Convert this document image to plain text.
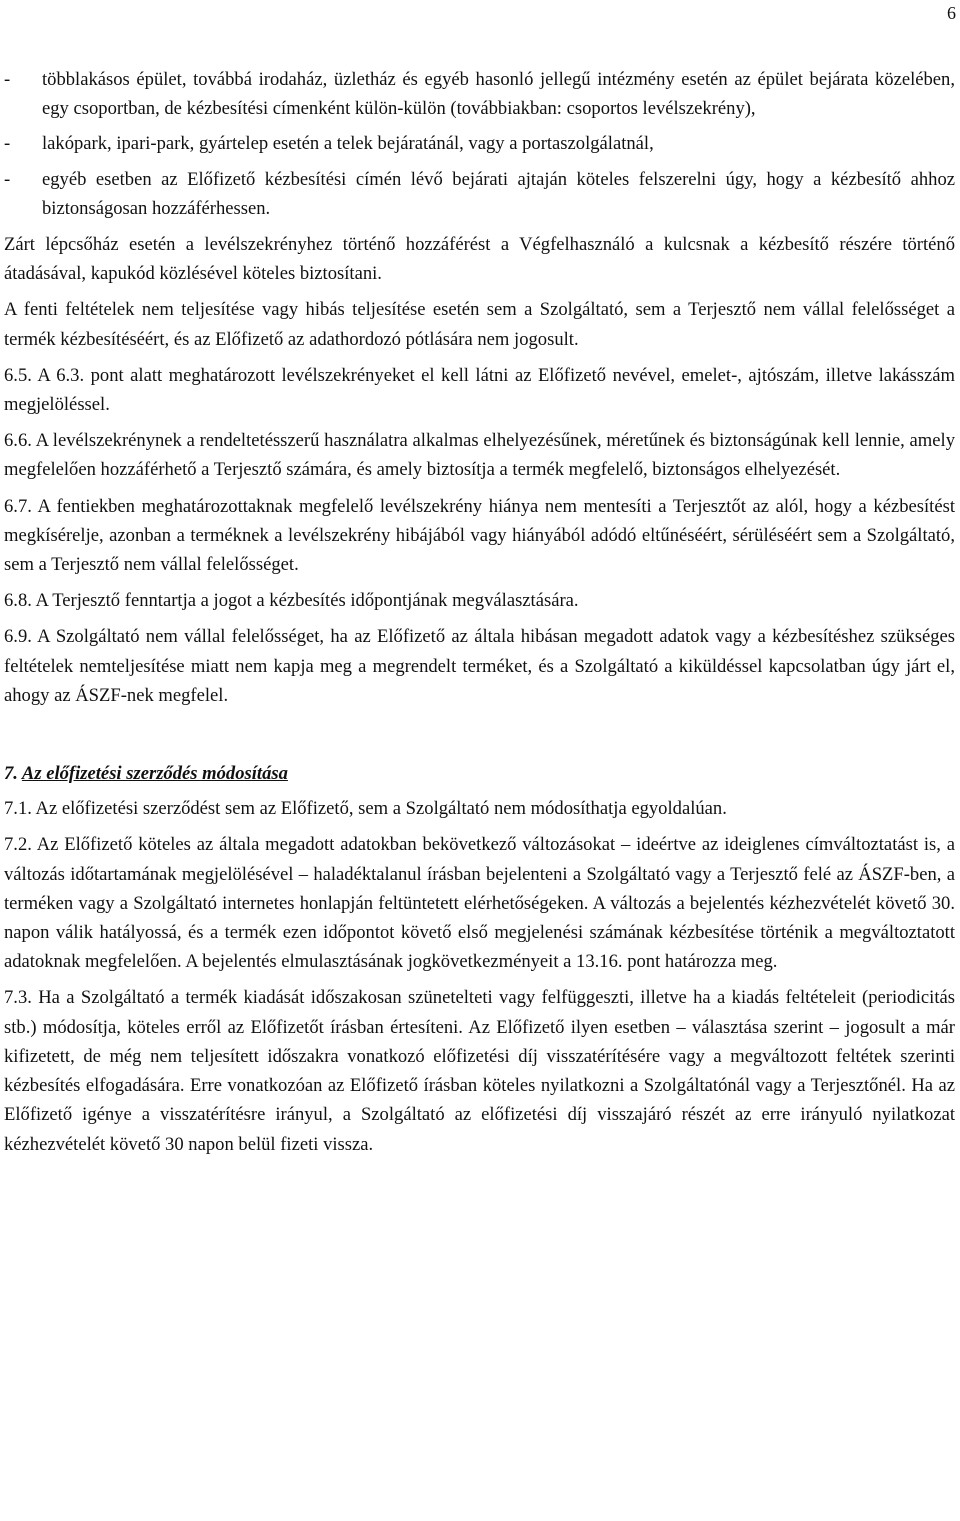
6
- többlakásos épület, továbbá irodaház, üzletház és egyéb hasonló jellegű intézmény esetén az épület bejárata közelében, egy csoportban, de kézbesítési címenként külön-külön (továbbiakban: csoportos levélszekrény),
- lakópark, ipari-park, gyártelep esetén a telek bejáratánál, vagy a portaszolgálatnál,
- egyéb esetben az Előfizető kézbesítési címén lévő bejárati ajtaján köteles felszerelni úgy, hogy a kézbesítő ahhoz biztonságosan hozzáférhessen.

Zárt lépcsőház esetén a levélszekrényhez történő hozzáférést a Végfelhasználó a kulcsnak a kézbesítő részére történő átadásával, kapukód közlésével köteles biztosítani.

A fenti feltételek nem teljesítése vagy hibás teljesítése esetén sem a Szolgáltató, sem a Terjesztő nem vállal felelősséget a termék kézbesítéséért, és az Előfizető az adathordozó pótlására nem jogosult.

6.5. A 6.3. pont alatt meghatározott levélszekrényeket el kell látni az Előfizető nevével, emelet-, ajtószám, illetve lakásszám megjelöléssel.

6.6. A levélszekrénynek a rendeltetésszerű használatra alkalmas elhelyezésűnek, méretűnek és biztonságúnak kell lennie, amely megfelelően hozzáférhető a Terjesztő számára, és amely biztosítja a termék megfelelő, biztonságos elhelyezését.

6.7. A fentiekben meghatározottaknak megfelelő levélszekrény hiánya nem mentesíti a Terjesztőt az alól, hogy a kézbesítést megkísérelje, azonban a terméknek a levélszekrény hibájából vagy hiányából adódó eltűnéséért, sérüléséért sem a Szolgáltató, sem a Terjesztő nem vállal felelősséget.

6.8. A Terjesztő fenntartja a jogot a kézbesítés időpontjának megválasztására.

6.9. A Szolgáltató nem vállal felelősséget, ha az Előfizető az általa hibásan megadott adatok vagy a kézbesítéshez szükséges feltételek nemteljesítése miatt nem kapja meg a megrendelt terméket, és a Szolgáltató a kiküldéssel kapcsolatban úgy járt el, ahogy az ÁSZF-nek megfelel.

7. Az előfizetési szerződés módosítása

7.1. Az előfizetési szerződést sem az Előfizető, sem a Szolgáltató nem módosíthatja egyoldalúan.

7.2. Az Előfizető köteles az általa megadott adatokban bekövetkező változásokat – ideértve az ideiglenes címváltoztatást is, a változás időtartamának megjelölésével – haladéktalanul írásban bejelenteni a Szolgáltató vagy a Terjesztő felé az ÁSZF-ben, a terméken vagy a Szolgáltató internetes honlapján feltüntetett elérhetőségeken. A változás a bejelentés kézhezvételét követő 30. napon válik hatályossá, és a termék ezen időpontot követő első megjelenési számának kézbesítése történik a megváltoztatott adatoknak megfelelően. A bejelentés elmulasztásának jogkövetkezményeit a 13.16. pont határozza meg.

7.3. Ha a Szolgáltató a termék kiadását időszakosan szünetelteti vagy felfüggeszti, illetve ha a kiadás feltételeit (periodicitás stb.) módosítja, köteles erről az Előfizetőt írásban értesíteni. Az Előfizető ilyen esetben – választása szerint – jogosult a már kifizetett, de még nem teljesített időszakra vonatkozó előfizetési díj visszatérítésére vagy a megváltozott feltétek szerinti kézbesítés elfogadására. Erre vonatkozóan az Előfizető írásban köteles nyilatkozni a Szolgáltatónál vagy a Terjesztőnél. Ha az Előfizető igénye a visszatérítésre irányul, a Szolgáltató az előfizetési díj visszajáró részét az erre irányuló nyilatkozat kézhezvételét követő 30 napon belül fizeti vissza.
